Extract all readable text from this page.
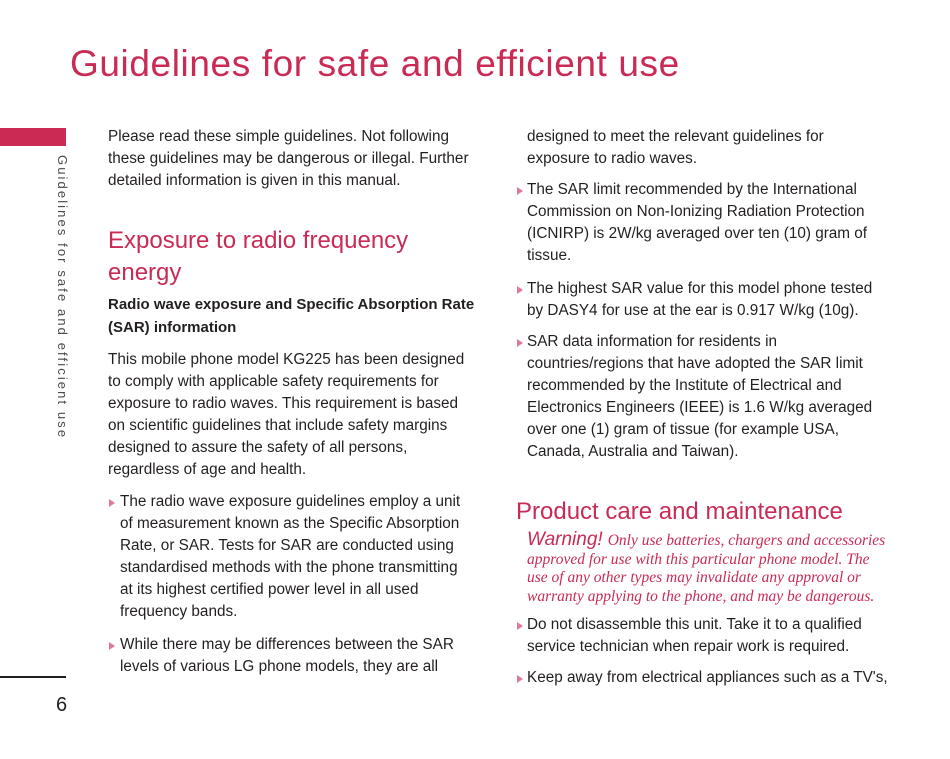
Guidelines for safe and efficient use
Guidelines for safe and efficient use
6
Please read these simple guidelines. Not following
these guidelines may be dangerous or illegal. Further
detailed information is given in this manual.
Exposure to radio frequency
energy
Radio wave exposure and Specific Absorption Rate
(SAR) information
This mobile phone model KG225 has been designed
to comply with applicable safety requirements for
exposure to radio waves. This requirement is based
on scientific guidelines that include safety margins
designed to assure the safety of all persons,
regardless of age and health.
The radio wave exposure guidelines employ a unit
of measurement known as the Specific Absorption
Rate, or SAR. Tests for SAR are conducted using
standardised methods with the phone transmitting
at its highest certified power level in all used
frequency bands.
While there may be differences between the SAR
levels of various LG phone models, they are all
designed to meet the relevant guidelines for
exposure to radio waves.
The SAR limit recommended by the International
Commission on Non-Ionizing Radiation Protection
(ICNIRP) is 2W/kg averaged over ten (10) gram of
tissue.
The highest SAR value for this model phone tested
by DASY4 for use at the ear is 0.917 W/kg (10g).
SAR data information for residents in
countries/regions that have adopted the SAR limit
recommended by the Institute of Electrical and
Electronics Engineers (IEEE) is 1.6 W/kg averaged
over one (1) gram of tissue (for example USA,
Canada, Australia and Taiwan).
Product care and maintenance
Warning! Only use batteries, chargers and accessories
approved for use with this particular phone model. The
use of any other types may invalidate any approval or
warranty applying to the phone, and may be dangerous.
Do not disassemble this unit. Take it to a qualified
service technician when repair work is required.
Keep away from electrical appliances such as a TV's,
